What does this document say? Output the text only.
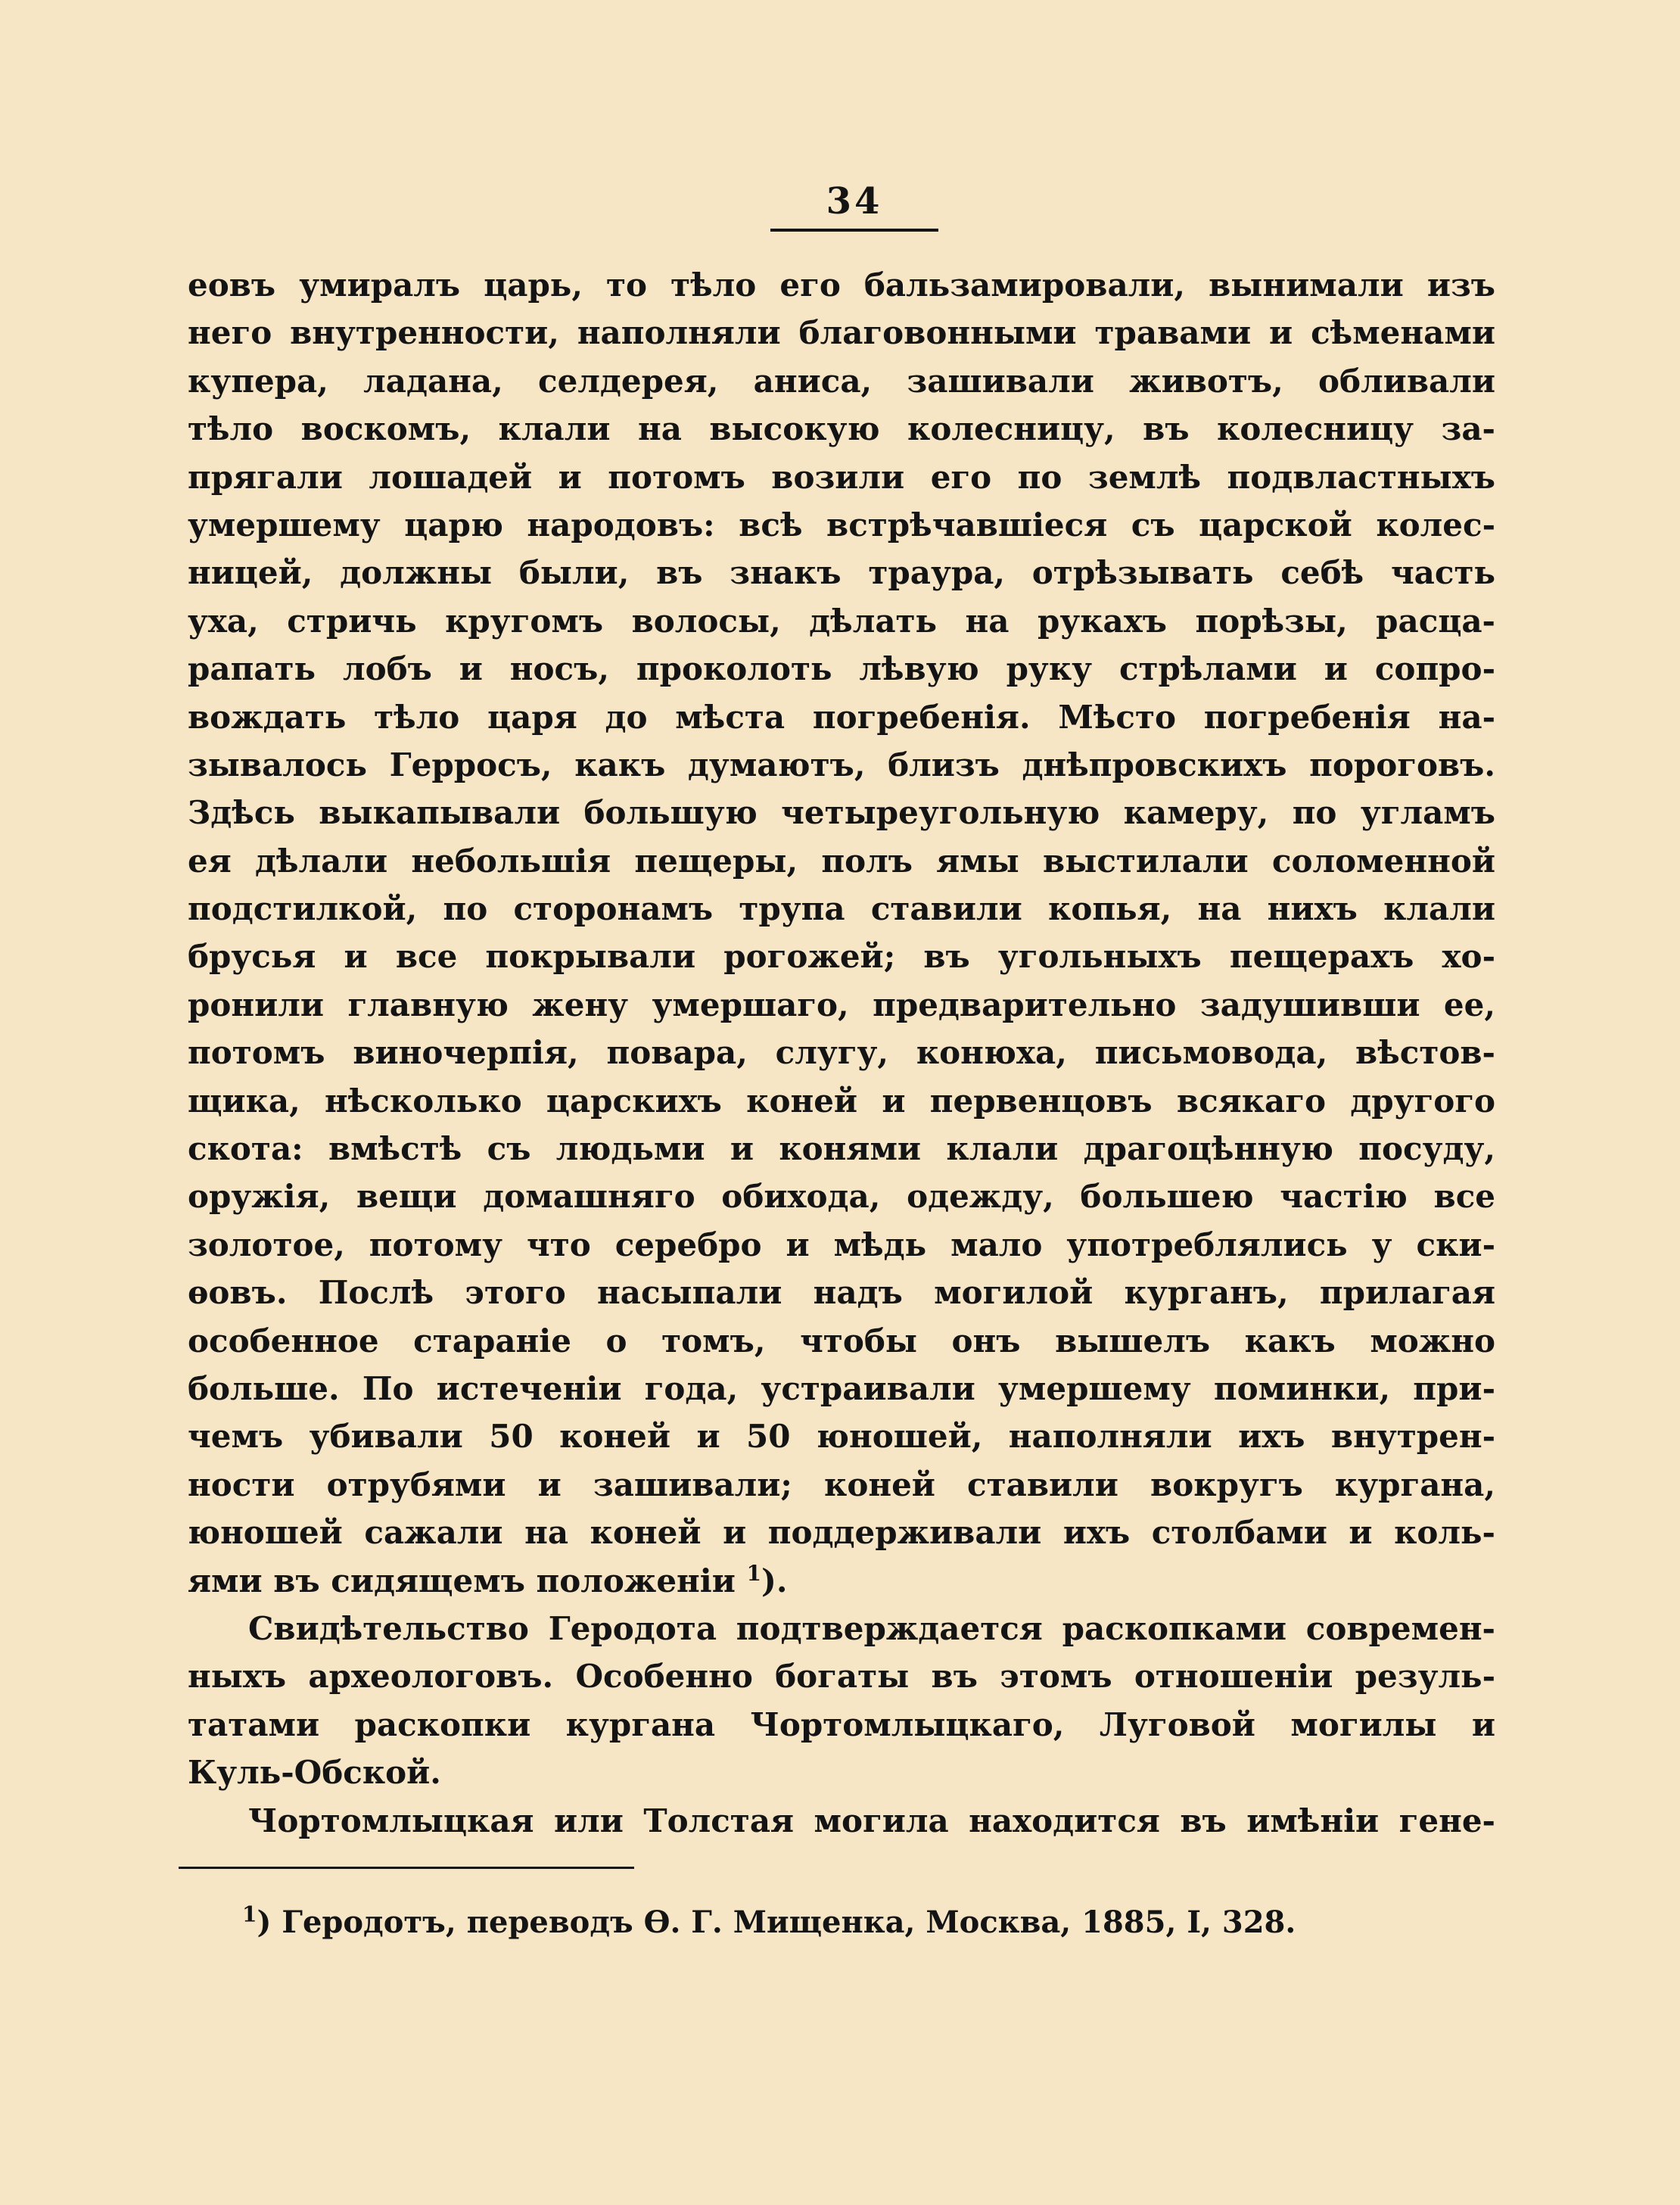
34
еовъ умиралъ царь, то тѣло его бальзамировали, вынимали изъ
него внутренности, наполняли благовонными травами и сѣменами
купера, ладана, селдерея, аниса, зашивали животъ, обливали
тѣло воскомъ, клали на высокую колесницу, въ колесницу за-
прягали лошадей и потомъ возили его по землѣ подвластныхъ
умершему царю народовъ: всѣ встрѣчавшіеся съ царской колес-
ницей, должны были, въ знакъ траура, отрѣзывать себѣ часть
уха, стричь кругомъ волосы, дѣлать на рукахъ порѣзы, расца-
рапать лобъ и носъ, проколоть лѣвую руку стрѣлами и сопро-
вождать тѣло царя до мѣста погребенія. Мѣсто погребенія на-
зывалось Герросъ, какъ думаютъ, близъ днѣпровскихъ пороговъ.
Здѣсь выкапывали большую четыреугольную камеру, по угламъ
ея дѣлали небольшія пещеры, полъ ямы выстилали соломенной
подстилкой, по сторонамъ трупа ставили копья, на нихъ клали
брусья и все покрывали рогожей; въ угольныхъ пещерахъ хо-
ронили главную жену умершаго, предварительно задушивши ее,
потомъ виночерпія, повара, слугу, конюха, письмовода, вѣстов-
щика, нѣсколько царскихъ коней и первенцовъ всякаго другого
скота: вмѣстѣ съ людьми и конями клали драгоцѣнную посуду,
оружія, вещи домашняго обихода, одежду, большею частію все
золотое, потому что серебро и мѣдь мало употреблялись у ски-
ѳовъ. Послѣ этого насыпали надъ могилой курганъ, прилагая
особенное стараніе о томъ, чтобы онъ вышелъ какъ можно
больше. По истеченіи года, устраивали умершему поминки, при-
чемъ убивали 50 коней и 50 юношей, наполняли ихъ внутрен-
ности отрубями и зашивали; коней ставили вокругъ кургана,
юношей сажали на коней и поддерживали ихъ столбами и коль-
ями въ сидящемъ положеніи $^1$).
Свидѣтельство Геродота подтверждается раскопками современ-
ныхъ археологовъ. Особенно богаты въ этомъ отношеніи резуль-
татами раскопки кургана Чортомлыцкаго, Луговой могилы и
Куль-Обской.
Чортомлыцкая или Толстая могила находится въ имѣніи гене-
$^1$) Геродотъ, переводъ Ѳ. Г. Мищенка, Москва, 1885, I, 328.
